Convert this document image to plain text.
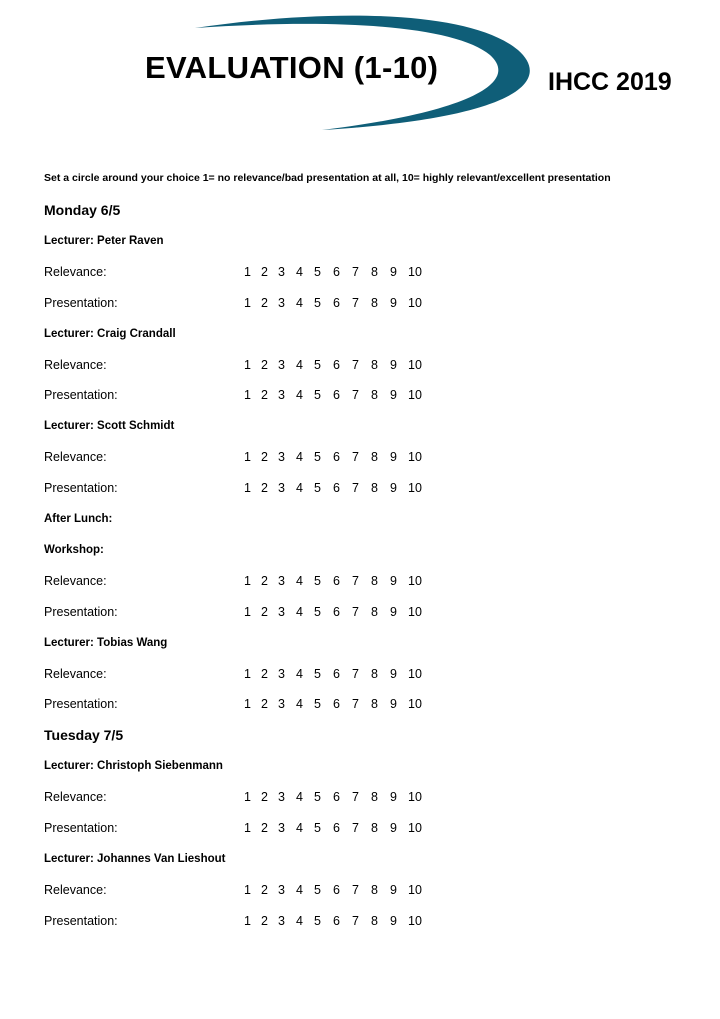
EVALUATION (1-10)	IHCC 2019
Set a circle around your choice 1= no relevance/bad presentation at all, 10= highly relevant/excellent presentation
Monday 6/5
Lecturer: Peter Raven
Relevance:	1 2 3 4 5 6 7 8 9 10
Presentation:	1 2 3 4 5 6 7 8 9 10
Lecturer: Craig Crandall
Relevance:	1 2 3 4 5 6 7 8 9 10
Presentation:	1 2 3 4 5 6 7 8 9 10
Lecturer: Scott Schmidt
Relevance:	1 2 3 4 5 6 7 8 9 10
Presentation:	1 2 3 4 5 6 7 8 9 10
After Lunch:
Workshop:
Relevance:	1 2 3 4 5 6 7 8 9 10
Presentation:	1 2 3 4 5 6 7 8 9 10
Lecturer: Tobias Wang
Relevance:	1 2 3 4 5 6 7 8 9 10
Presentation:	1 2 3 4 5 6 7 8 9 10
Tuesday 7/5
Lecturer: Christoph Siebenmann
Relevance:	1 2 3 4 5 6 7 8 9 10
Presentation:	1 2 3 4 5 6 7 8 9 10
Lecturer: Johannes Van Lieshout
Relevance:	1 2 3 4 5 6 7 8 9 10
Presentation:	1 2 3 4 5 6 7 8 9 10
